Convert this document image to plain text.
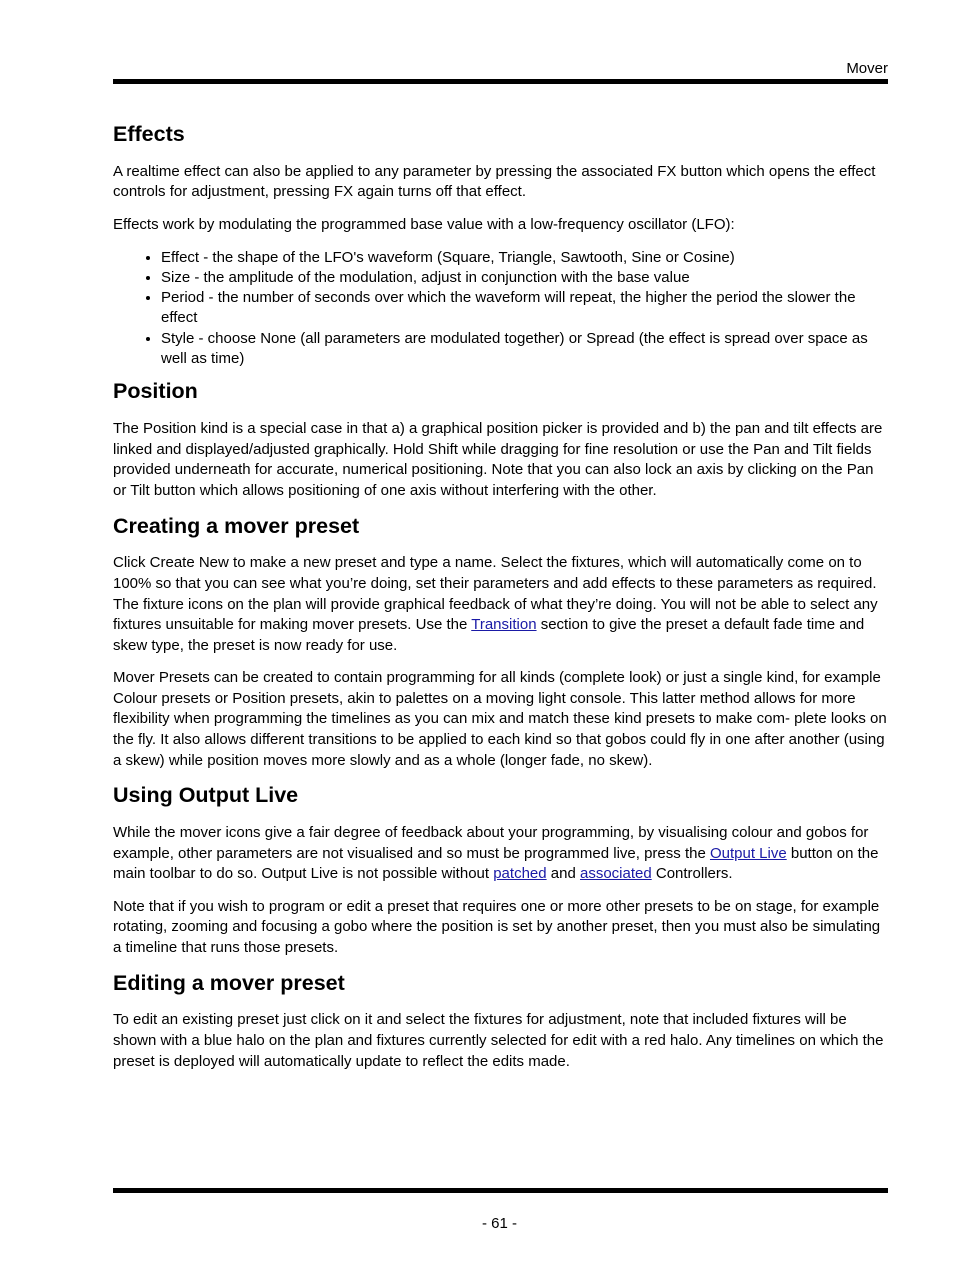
Mover
Effects

A realtime effect can also be applied to any parameter by pressing the associated FX button which opens the effect controls for adjustment, pressing FX again turns off that effect.

Effects work by modulating the programmed base value with a low-frequency oscillator (LFO):

• Effect - the shape of the LFO's waveform (Square, Triangle, Sawtooth, Sine or Cosine)
• Size - the amplitude of the modulation, adjust in conjunction with the base value
• Period - the number of seconds over which the waveform will repeat, the higher the period the slower the effect
• Style - choose None (all parameters are modulated together) or Spread (the effect is spread over space as well as time)
Position

The Position kind is a special case in that a) a graphical position picker is provided and b) the pan and tilt effects are linked and displayed/adjusted graphically. Hold Shift while dragging for fine resolution or use the Pan and Tilt fields provided underneath for accurate, numerical positioning. Note that you can also lock an axis by clicking on the Pan or Tilt button which allows positioning of one axis without interfering with the other.

Creating a mover preset

Click Create New to make a new preset and type a name. Select the fixtures, which will automatically come on to 100% so that you can see what you’re doing, set their parameters and add effects to these parameters as required. The fixture icons on the plan will provide graphical feedback of what they’re doing. You will not be able to select any fixtures unsuitable for making mover presets. Use the Transition section to give the preset a default fade time and skew type, the preset is now ready for use.

Mover Presets can be created to contain programming for all kinds (complete look) or just a single kind, for example Colour presets or Position presets, akin to palettes on a moving light console. This latter method allows for more flexibility when programming the timelines as you can mix and match these kind presets to make com- plete looks on the fly. It also allows different transitions to be applied to each kind so that gobos could fly in one after another (using a skew) while position moves more slowly and as a whole (longer fade, no skew).

Using Output Live

While the mover icons give a fair degree of feedback about your programming, by visualising colour and gobos for example, other parameters are not visualised and so must be programmed live, press the Output Live button on the main toolbar to do so. Output Live is not possible without patched and associated Controllers.

Note that if you wish to program or edit a preset that requires one or more other presets to be on stage, for example rotating, zooming and focusing a gobo where the position is set by another preset, then you must also be simulating a timeline that runs those presets.

Editing a mover preset

To edit an existing preset just click on it and select the fixtures for adjustment, note that included fixtures will be shown with a blue halo on the plan and fixtures currently selected for edit with a red halo. Any timelines on which the preset is deployed will automatically update to reflect the edits made.

- 61 -
